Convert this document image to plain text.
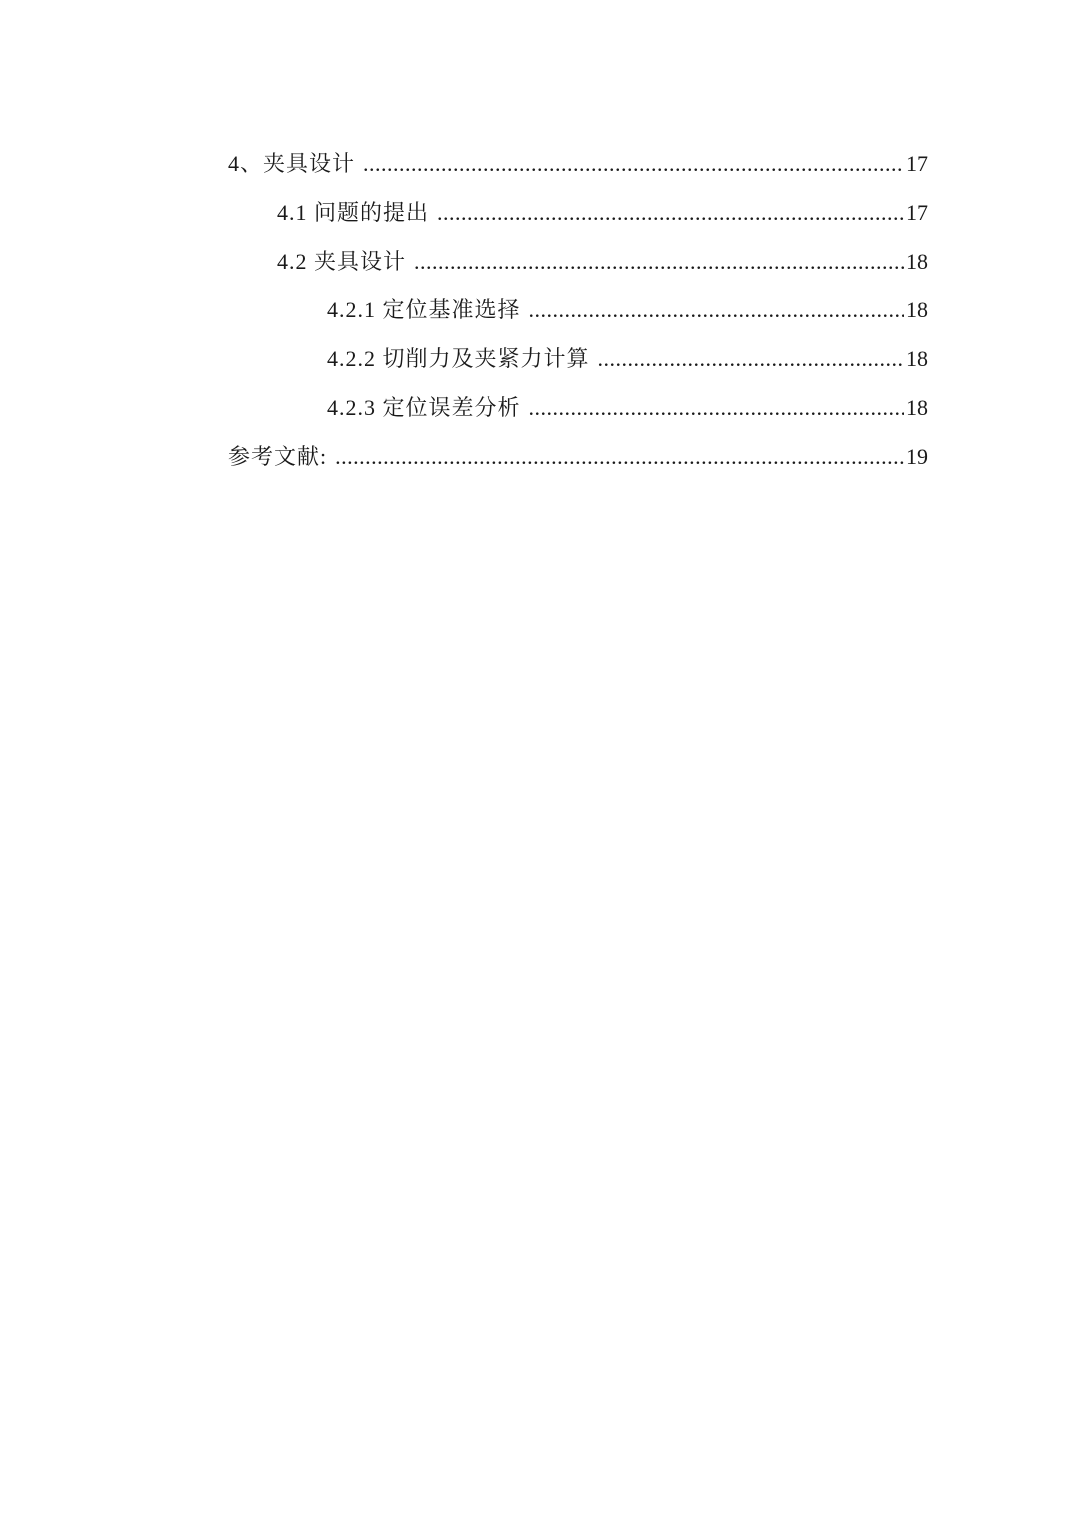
4、夹具设计 .....	17
4.1 问题的提出 .....	17
4.2 夹具设计 .....	18
4.2.1 定位基准选择 .....	18
4.2.2 切削力及夹紧力计算 .....	18
4.2.3 定位误差分析 .....	18
参考文献: .....	19
